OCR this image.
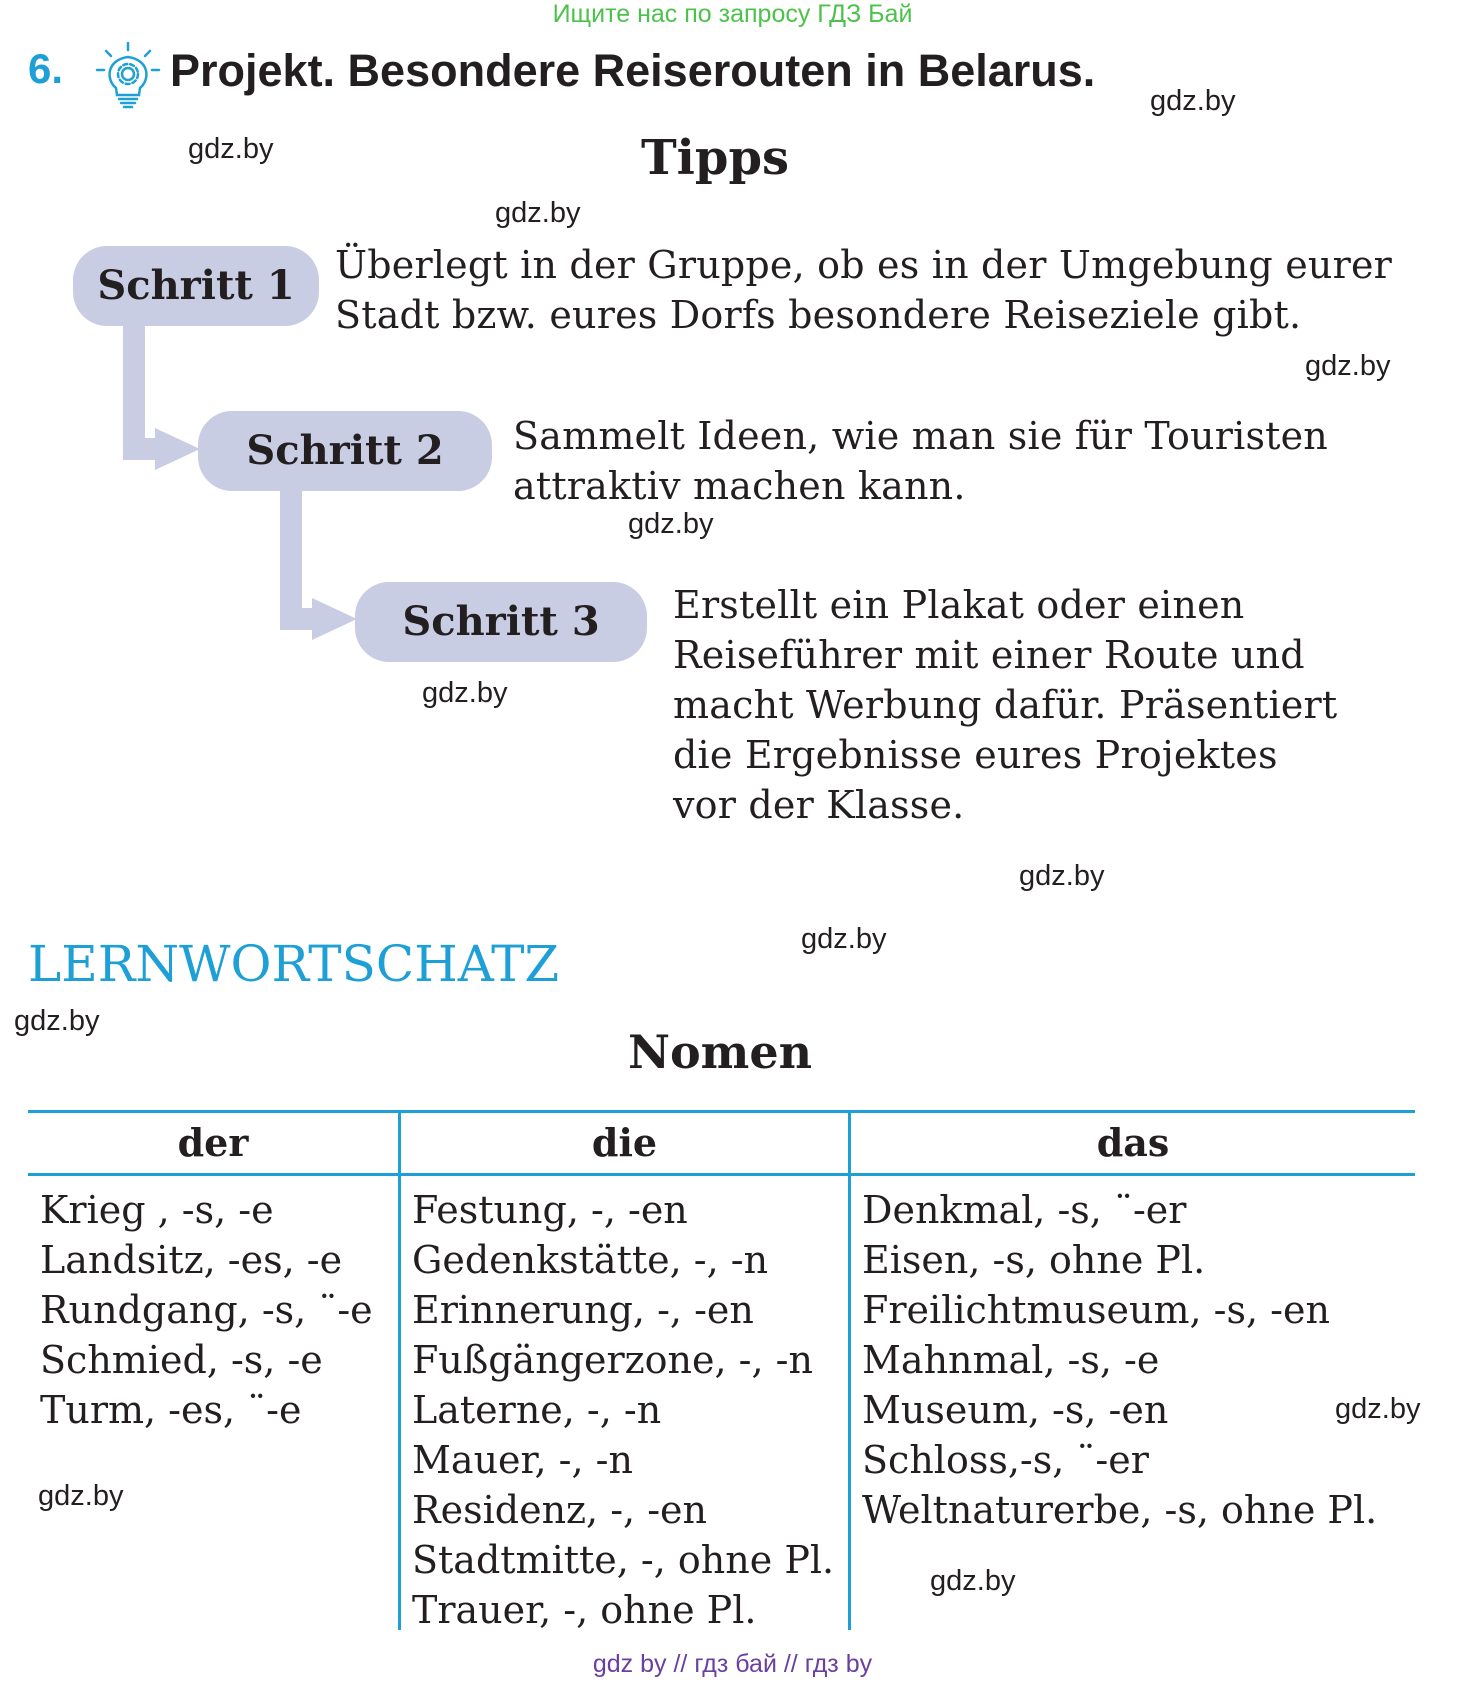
Ищите нас по запросу ГДЗ Бай
6. Projekt. Besondere Reiserouten in Belarus.
Tipps
Schritt 1
Schritt 2
Schritt 3
Überlegt in der Gruppe, ob es in der Umgebung eurer
Stadt bzw. eures Dorfs besondere Reiseziele gibt.
Sammelt Ideen, wie man sie für Touristen
attraktiv machen kann.
Erstellt ein Plakat oder einen
Reiseführer mit einer Route und
macht Werbung dafür. Präsentiert
die Ergebnisse eures Projektes
vor der Klasse.
LERNWORTSCHATZ
Nomen
der	die	das
Krieg , -s, -e
Landsitz, -es, -e
Rundgang, -s, ¨-e
Schmied, -s, -e
Turm, -es, ¨-e
Festung, -, -en
Gedenkstätte, -, -n
Erinnerung, -, -en
Fußgängerzone, -, -n
Laterne, -, -n
Mauer, -, -n
Residenz, -, -en
Stadtmitte, -, ohne Pl.
Trauer, -, ohne Pl.
Denkmal, -s, ¨-er
Eisen, -s, ohne Pl.
Freilichtmuseum, -s, -en
Mahnmal, -s, -e
Museum, -s, -en
Schloss,-s, ¨-er
Weltnaturerbe, -s, ohne Pl.
gdz.by
gdz.by
gdz.by
gdz.by
gdz.by
gdz.by
gdz.by
gdz.by
gdz.by
gdz.by
gdz.by
gdz.by
gdz by // гдз бай // гдз by
